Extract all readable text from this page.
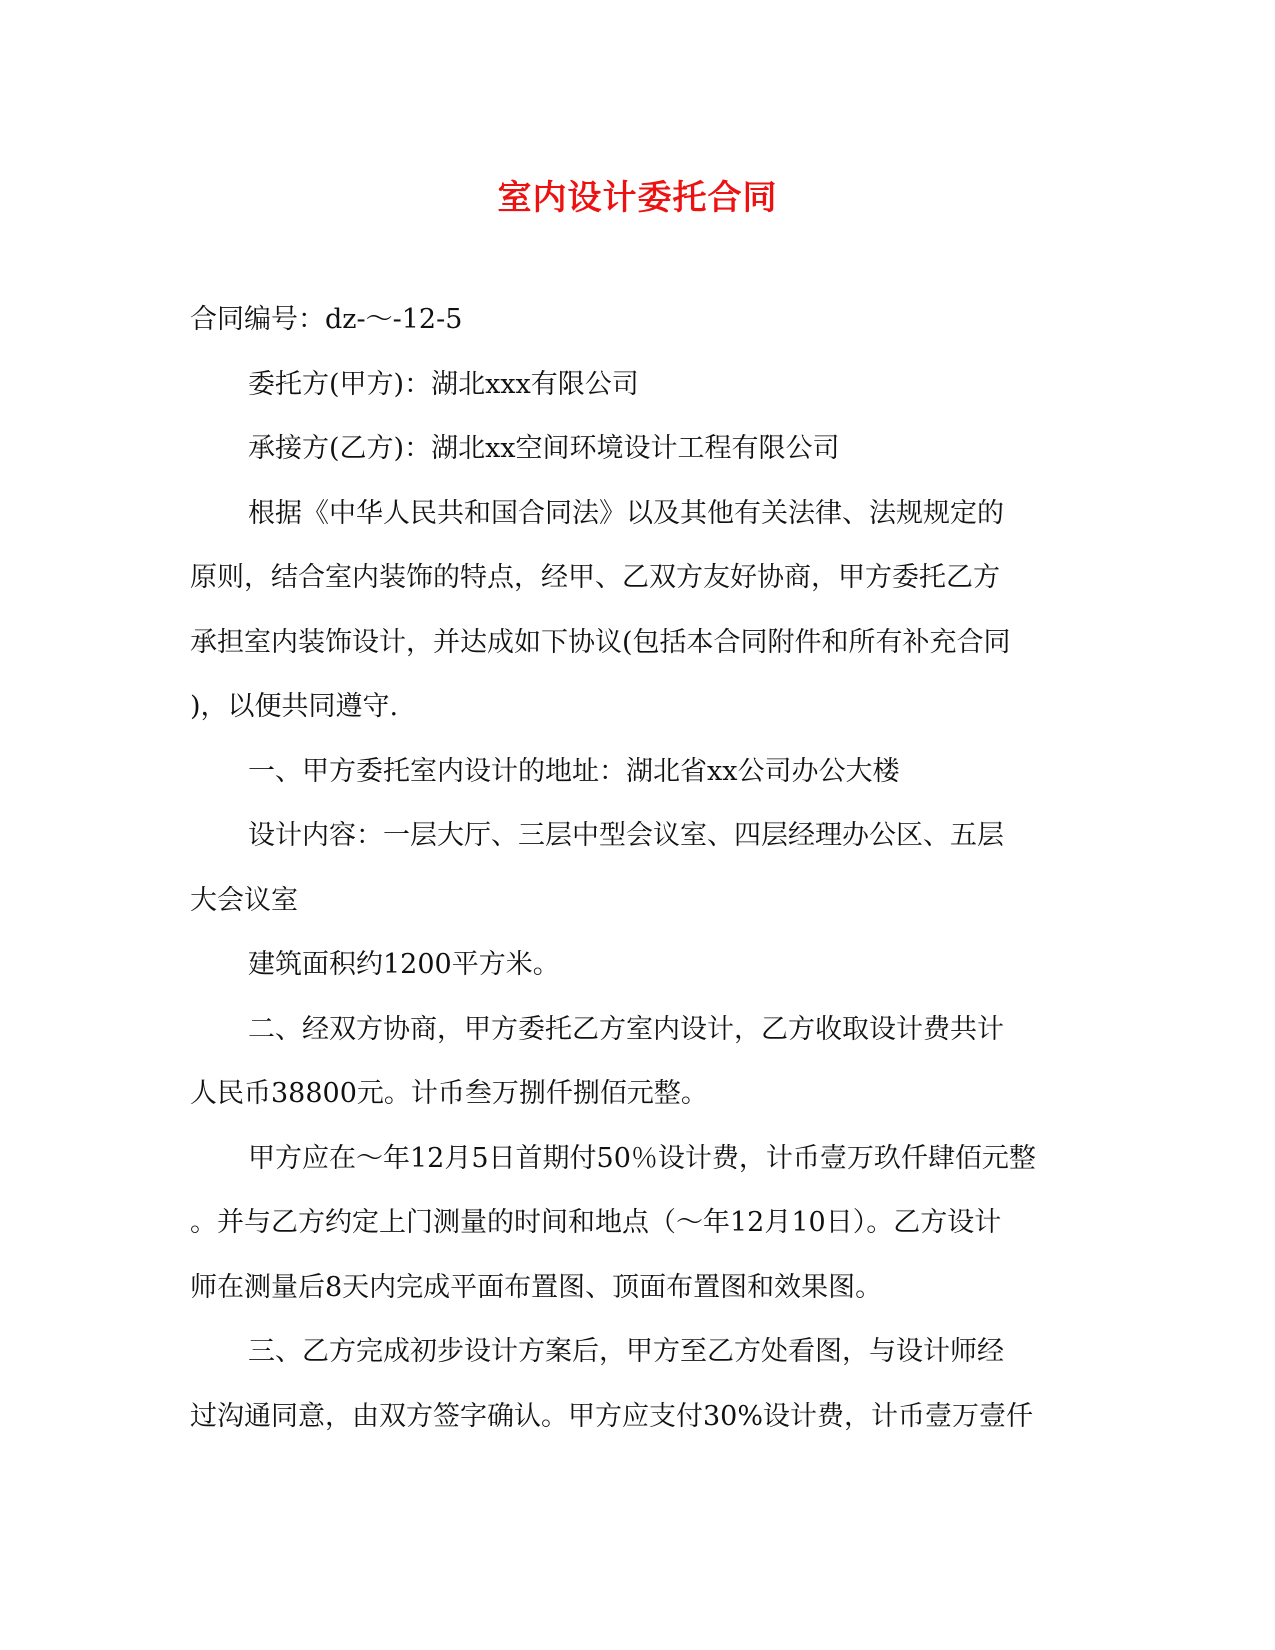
室内设计委托合同

合同编号：dz-～-12-5

委托方(甲方)：湖北xxx有限公司

承接方(乙方)：湖北xx空间环境设计工程有限公司

根据《中华人民共和国合同法》以及其他有关法律、法规规定的

原则，结合室内装饰的特点，经甲、乙双方友好协商，甲方委托乙方

承担室内装饰设计，并达成如下协议(包括本合同附件和所有补充合同

)，以便共同遵守.

一、甲方委托室内设计的地址：湖北省xx公司办公大楼

设计内容：一层大厅、三层中型会议室、四层经理办公区、五层

大会议室

建筑面积约1200平方米。

二、经双方协商，甲方委托乙方室内设计，乙方收取设计费共计

人民币38800元。计币叁万捌仟捌佰元整。

甲方应在～年12月5日首期付50％设计费，计币壹万玖仟肆佰元整

。并与乙方约定上门测量的时间和地点（～年12月10日）。乙方设计

师在测量后8天内完成平面布置图、顶面布置图和效果图。

三、乙方完成初步设计方案后，甲方至乙方处看图，与设计师经

过沟通同意，由双方签字确认。甲方应支付30%设计费，计币壹万壹仟
